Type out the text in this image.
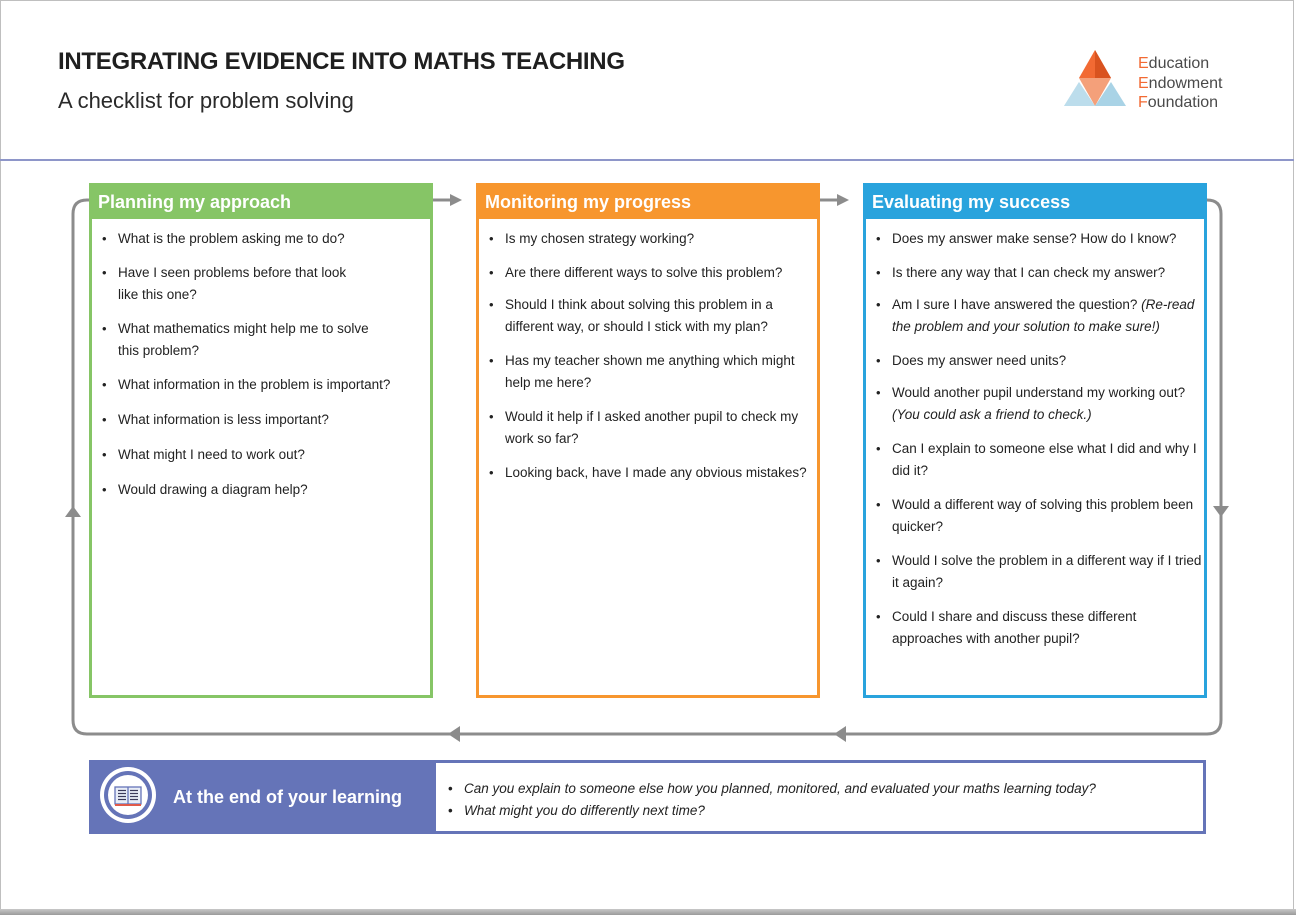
INTEGRATING EVIDENCE INTO MATHS TEACHING
A checklist for problem solving
Education
Endowment
Foundation
Planning my approach
• What is the problem asking me to do?
• Have I seen problems before that look like this one?
• What mathematics might help me to solve this problem?
• What information in the problem is important?
• What information is less important?
• What might I need to work out?
• Would drawing a diagram help?
Monitoring my progress
• Is my chosen strategy working?
• Are there different ways to solve this problem?
• Should I think about solving this problem in a different way, or should I stick with my plan?
• Has my teacher shown me anything which might help me here?
• Would it help if I asked another pupil to check my work so far?
• Looking back, have I made any obvious mistakes?
Evaluating my success
• Does my answer make sense? How do I know?
• Is there any way that I can check my answer?
• Am I sure I have answered the question? (Re-read the problem and your solution to make sure!)
• Does my answer need units?
• Would another pupil understand my working out? (You could ask a friend to check.)
• Can I explain to someone else what I did and why I did it?
• Would a different way of solving this problem been quicker?
• Would I solve the problem in a different way if I tried it again?
• Could I share and discuss these different approaches with another pupil?
At the end of your learning
•	Can you explain to someone else how you planned, monitored, and evaluated your maths learning today?
• What might you do differently next time?
